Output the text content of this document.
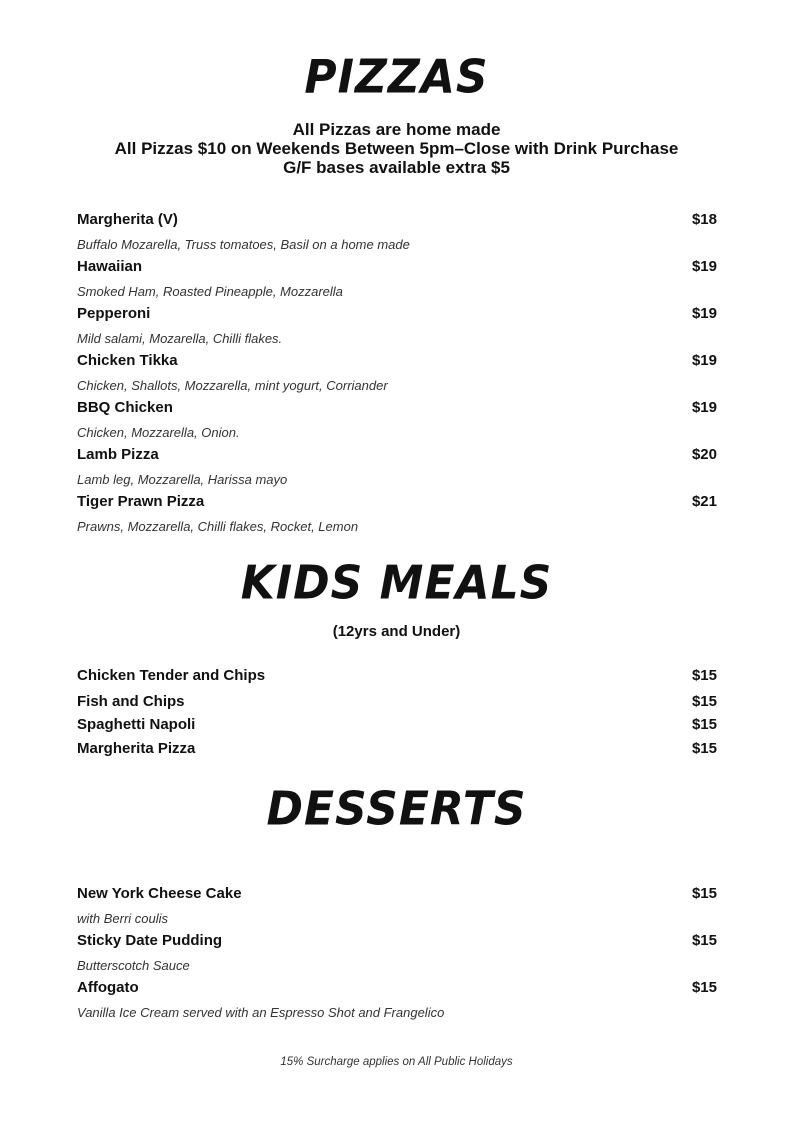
PIZZAS
All Pizzas are home made
All Pizzas $10 on Weekends Between 5pm–Close with Drink Purchase
G/F bases available extra $5
Margherita (V)	$18
Buffalo Mozarella, Truss tomatoes, Basil on a home made
Hawaiian	$19
Smoked Ham, Roasted Pineapple, Mozzarella
Pepperoni	$19
Mild salami, Mozarella, Chilli flakes.
Chicken Tikka	$19
Chicken, Shallots, Mozzarella, mint yogurt, Corriander
BBQ Chicken	$19
Chicken, Mozzarella, Onion.
Lamb Pizza	$20
Lamb leg, Mozzarella, Harissa mayo
Tiger Prawn Pizza	$21
Prawns, Mozzarella, Chilli flakes, Rocket, Lemon
KIDS MEALS
(12yrs and Under)
Chicken Tender and Chips	$15
Fish and Chips	$15
Spaghetti Napoli	$15
Margherita Pizza	$15
DESSERTS
New York Cheese Cake	$15
with Berri coulis
Sticky Date Pudding	$15
Butterscotch Sauce
Affogato	$15
Vanilla Ice Cream served with an Espresso Shot and Frangelico
15% Surcharge applies on All Public Holidays
